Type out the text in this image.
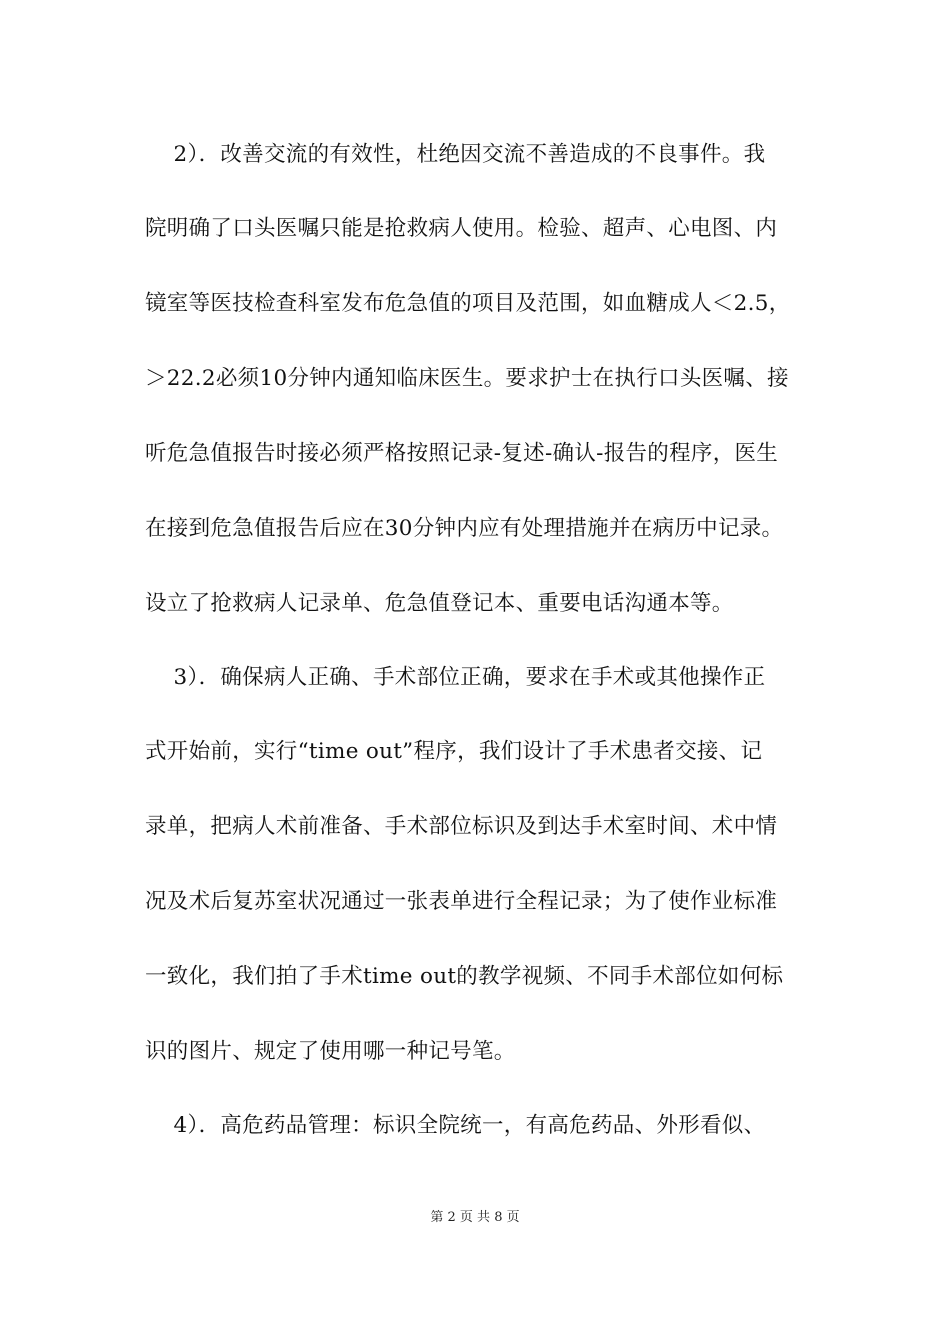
2）．改善交流的有效性，杜绝因交流不善造成的不良事件。我
院明确了口头医嘱只能是抢救病人使用。检验、超声、心电图、内
镜室等医技检查科室发布危急值的项目及范围，如血糖成人＜2.5，
＞22.2必须10分钟内通知临床医生。要求护士在执行口头医嘱、接
听危急值报告时接必须严格按照记录-复述-确认-报告的程序，医生
在接到危急值报告后应在30分钟内应有处理措施并在病历中记录。
设立了抢救病人记录单、危急值登记本、重要电话沟通本等。
3）．确保病人正确、手术部位正确，要求在手术或其他操作正
式开始前，实行“time out”程序，我们设计了手术患者交接、记
录单，把病人术前准备、手术部位标识及到达手术室时间、术中情
况及术后复苏室状况通过一张表单进行全程记录；为了使作业标准
一致化，我们拍了手术time out的教学视频、不同手术部位如何标
识的图片、规定了使用哪一种记号笔。
4）．高危药品管理：标识全院统一，有高危药品、外形看似、
第 2 页 共 8 页
